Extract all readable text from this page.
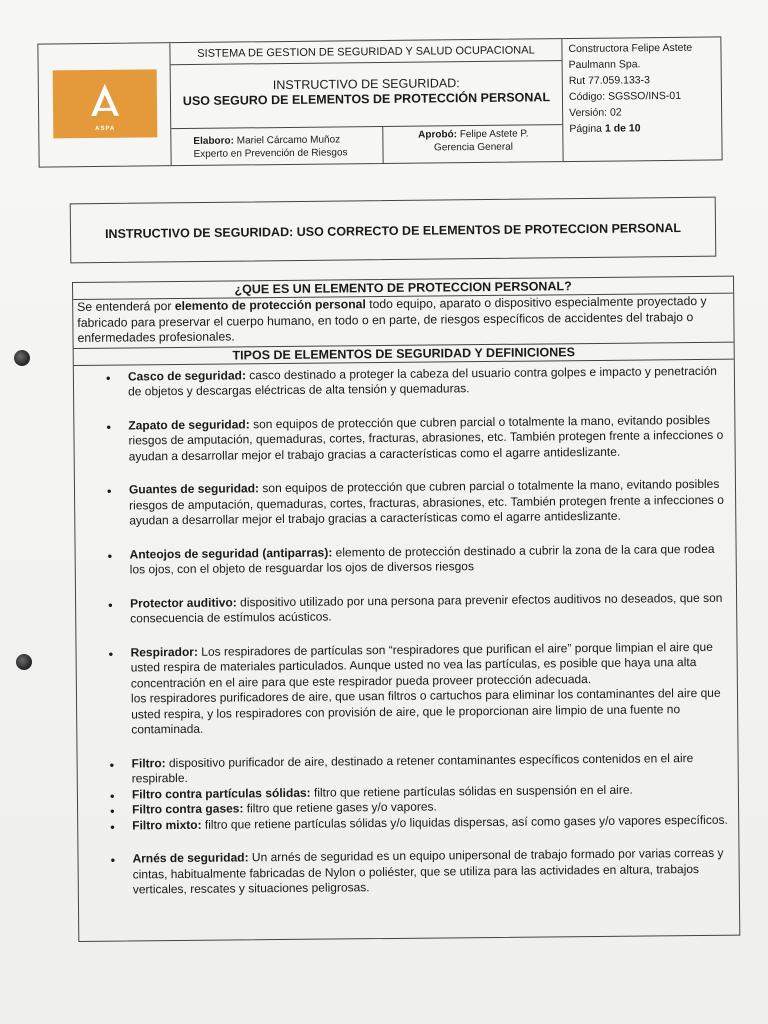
ASPA
SISTEMA DE GESTION DE SEGURIDAD Y SALUD OCUPACIONAL
INSTRUCTIVO DE SEGURIDAD:
USO SEGURO DE ELEMENTOS DE PROTECCIÓN PERSONAL
Elaboro: Mariel Cárcamo Muñoz
Experto en Prevención de Riesgos
Aprobó: Felipe Astete P.
Gerencia General
Constructora Felipe Astete
Paulmann Spa.
Rut 77.059.133-3
Código: SGSSO/INS-01
Versión: 02
Página 1 de 10
INSTRUCTIVO DE SEGURIDAD: USO CORRECTO DE ELEMENTOS DE PROTECCION PERSONAL
¿QUE ES UN ELEMENTO DE PROTECCION PERSONAL?
Se entenderá por elemento de protección personal todo equipo, aparato o dispositivo especialmente proyectado y fabricado para preservar el cuerpo humano, en todo o en parte, de riesgos específicos de accidentes del trabajo o enfermedades profesionales.
TIPOS DE ELEMENTOS DE SEGURIDAD Y DEFINICIONES
• Casco de seguridad: casco destinado a proteger la cabeza del usuario contra golpes e impacto y penetración de objetos y descargas eléctricas de alta tensión y quemaduras.
• Zapato de seguridad: son equipos de protección que cubren parcial o totalmente la mano, evitando posibles riesgos de amputación, quemaduras, cortes, fracturas, abrasiones, etc. También protegen frente a infecciones o ayudan a desarrollar mejor el trabajo gracias a características como el agarre antideslizante.
• Guantes de seguridad: son equipos de protección que cubren parcial o totalmente la mano, evitando posibles riesgos de amputación, quemaduras, cortes, fracturas, abrasiones, etc. También protegen frente a infecciones o ayudan a desarrollar mejor el trabajo gracias a características como el agarre antideslizante.
• Anteojos de seguridad (antiparras): elemento de protección destinado a cubrir la zona de la cara que rodea los ojos, con el objeto de resguardar los ojos de diversos riesgos
• Protector auditivo: dispositivo utilizado por una persona para prevenir efectos auditivos no deseados, que son consecuencia de estímulos acústicos.
• Respirador: Los respiradores de partículas son “respiradores que purifican el aire” porque limpian el aire que usted respira de materiales particulados. Aunque usted no vea las partículas, es posible que haya una alta concentración en el aire para que este respirador pueda proveer protección adecuada.
los respiradores purificadores de aire, que usan filtros o cartuchos para eliminar los contaminantes del aire que usted respira, y los respiradores con provisión de aire, que le proporcionan aire limpio de una fuente no contaminada.
• Filtro: dispositivo purificador de aire, destinado a retener contaminantes específicos contenidos en el aire respirable.
• Filtro contra partículas sólidas: filtro que retiene partículas sólidas en suspensión en el aire.
• Filtro contra gases: filtro que retiene gases y/o vapores.
• Filtro mixto: filtro que retiene partículas sólidas y/o liquidas dispersas, así como gases y/o vapores específicos.
• Arnés de seguridad: Un arnés de seguridad es un equipo unipersonal de trabajo formado por varias correas y cintas, habitualmente fabricadas de Nylon o poliéster, que se utiliza para las actividades en altura, trabajos verticales, rescates y situaciones peligrosas.
